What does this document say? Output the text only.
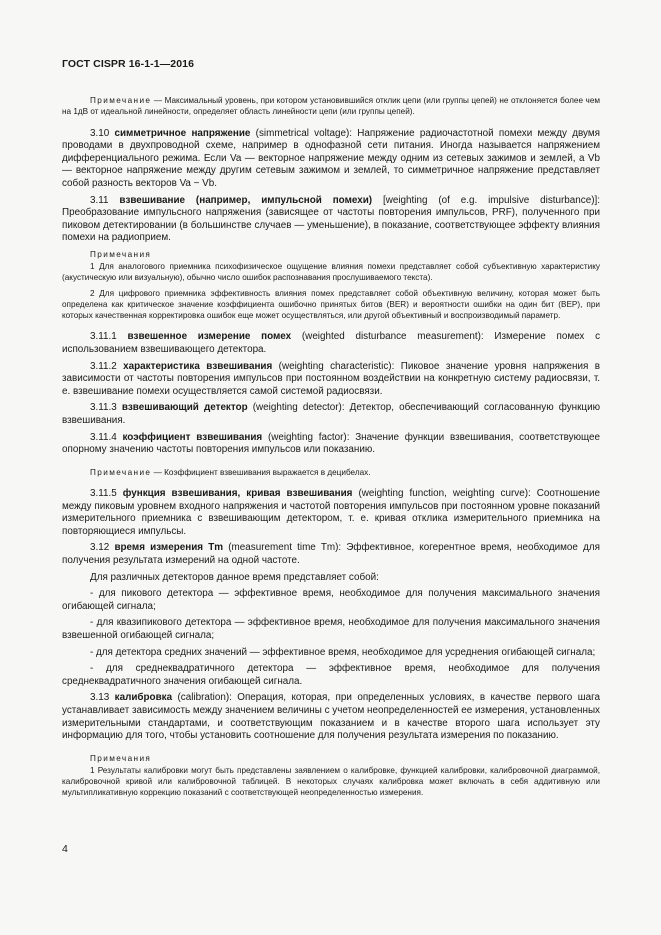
ГОСТ CISPR 16-1-1—2016

Примечание — Максимальный уровень, при котором установившийся отклик цепи (или группы цепей) не отклоняется более чем на 1дВ от идеальной линейности, определяет область линейности цепи (или группы цепей).

3.10 симметричное напряжение (simmetrical voltage): Напряжение радиочастотной помехи между двумя проводами в двухпроводной схеме, например в однофазной сети питания. Иногда называется напряжением дифференциального режима. Если Va — векторное напряжение между одним из сетевых зажимов и землей, а Vb — векторное напряжение между другим сетевым зажимом и землей, то симметричное напряжение представляет собой разность векторов Va − Vb.

3.11 взвешивание (например, импульсной помехи) [weighting (of e.g. impulsive disturbance)]: Преобразование импульсного напряжения (зависящее от частоты повторения импульсов, PRF), полученного при пиковом детектировании (в большинстве случаев — уменьшение), в показание, соответствующее эффекту влияния помехи на радиоприем.

Примечания

1 Для аналогового приемника психофизическое ощущение влияния помехи представляет собой субъективную характеристику (акустическую или визуальную), обычно число ошибок распознавания прослушиваемого текста).

2 Для цифрового приемника эффективность влияния помех представляет собой объективную величину, которая может быть определена как критическое значение коэффициента ошибочно принятых битов (BER) и вероятности ошибки на один бит (BEP), при которых качественная корректировка ошибок еще может осуществляться, или другой объективный и воспроизводимый параметр.

3.11.1 взвешенное измерение помех (weighted disturbance measurement): Измерение помех с использованием взвешивающего детектора.

3.11.2 характеристика взвешивания (weighting characteristic): Пиковое значение уровня напряжения в зависимости от частоты повторения импульсов при постоянном воздействии на конкретную систему радиосвязи, т. е. взвешивание помехи осуществляется самой системой радиосвязи.

3.11.3 взвешивающий детектор (weighting detector): Детектор, обеспечивающий согласованную функцию взвешивания.

3.11.4 коэффициент взвешивания (weighting factor): Значение функции взвешивания, соответствующее опорному значению частоты повторения импульсов или показанию.

Примечание — Коэффициент взвешивания выражается в децибелах.

3.11.5 функция взвешивания, кривая взвешивания (weighting function, weighting curve): Соотношение между пиковым уровнем входного напряжения и частотой повторения импульсов при постоянном уровне показаний измерительного приемника с взвешивающим детектором, т. е. кривая отклика измерительного приемника на повторяющиеся импульсы.

3.12 время измерения Tm (measurement time Tm): Эффективное, когерентное время, необходимое для получения результата измерений на одной частоте.

Для различных детекторов данное время представляет собой:

- для пикового детектора — эффективное время, необходимое для получения максимального значения огибающей сигнала;

- для квазипикового детектора — эффективное время, необходимое для получения максимального значения взвешенной огибающей сигнала;

- для детектора средних значений — эффективное время, необходимое для усреднения огибающей сигнала;

- для среднеквадратичного детектора — эффективное время, необходимое для получения среднеквадратичного значения огибающей сигнала.

3.13 калибровка (calibration): Операция, которая, при определенных условиях, в качестве первого шага устанавливает зависимость между значением величины с учетом неопределенностей ее измерения, установленных измерительными стандартами, и соответствующим показанием и в качестве второго шага использует эту информацию для того, чтобы установить соотношение для получения результата измерения по показанию.

Примечания

1 Результаты калибровки могут быть представлены заявлением о калибровке, функцией калибровки, калибровочной диаграммой, калибровочной кривой или калибровочной таблицей. В некоторых случаях калибровка может включать в себя аддитивную или мультипликативную коррекцию показаний с соответствующей неопределенностью измерения.

4
